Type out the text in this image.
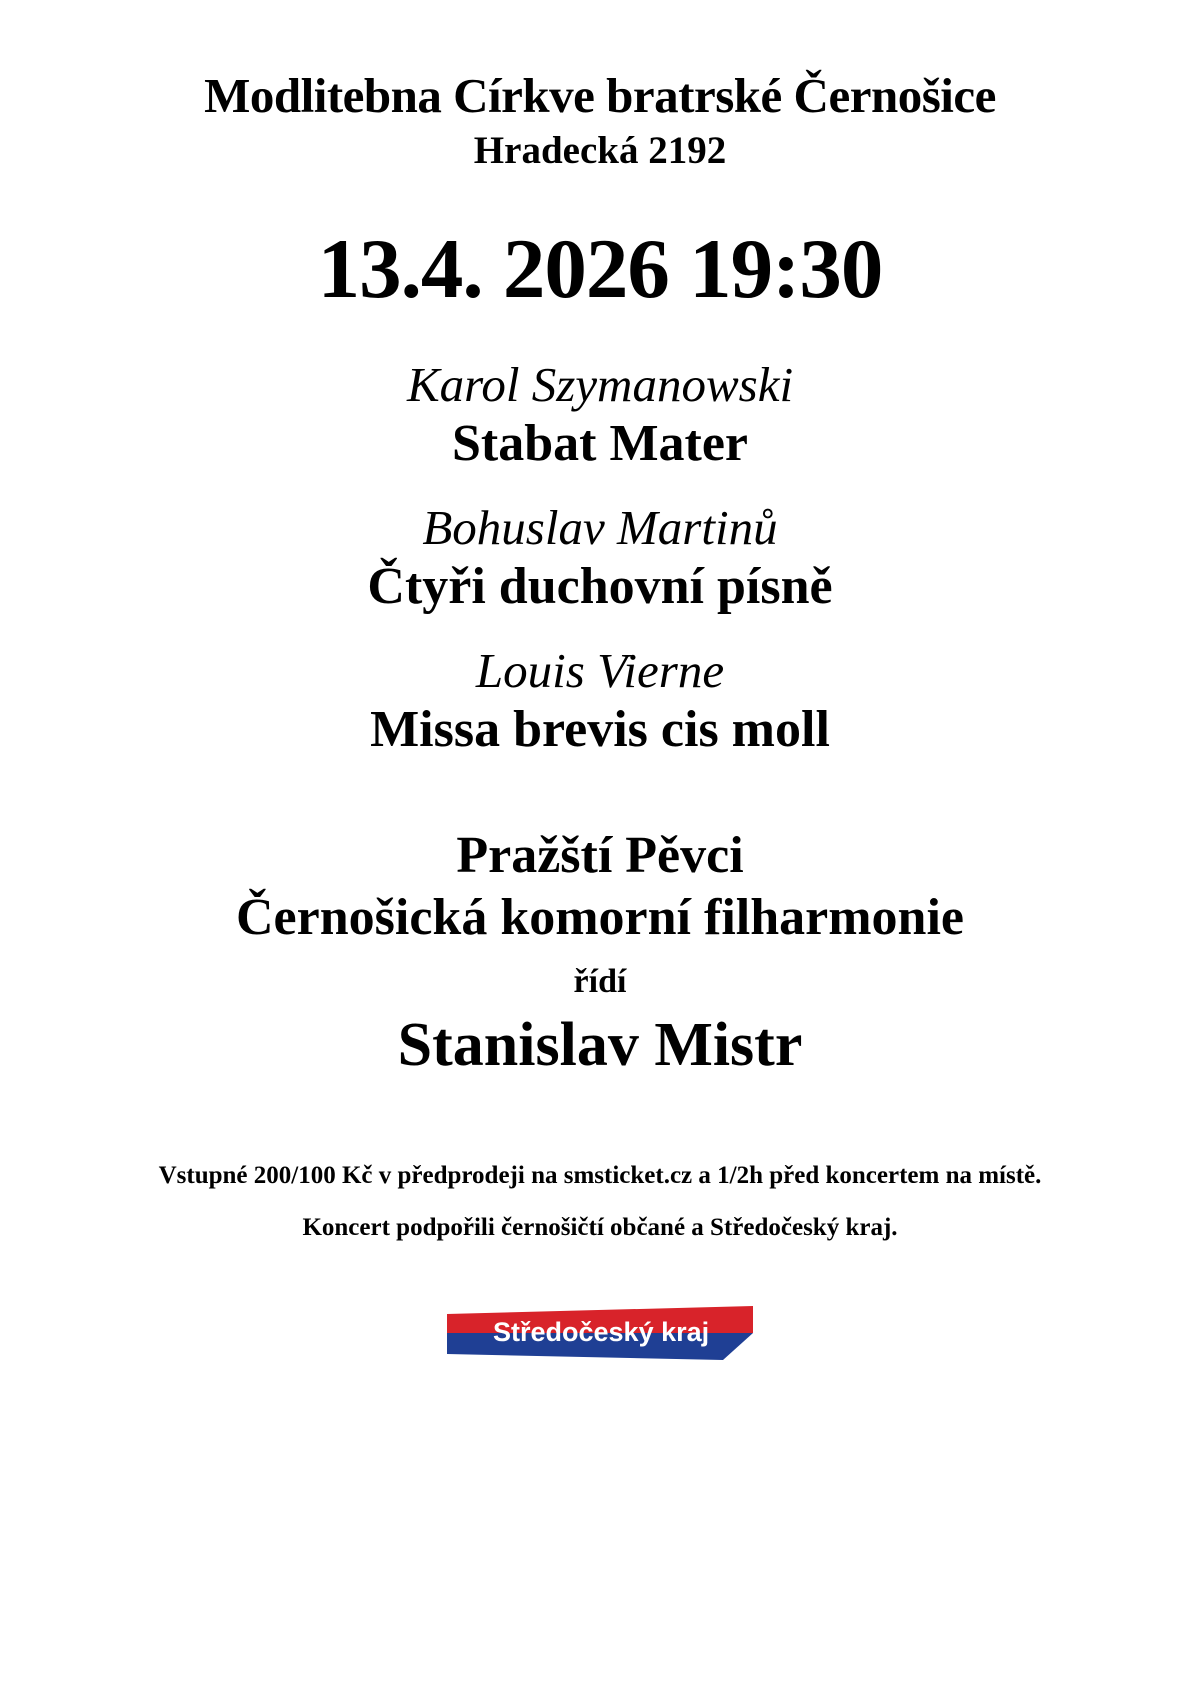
Modlitebna Církve bratrské Černošice
Hradecká 2192
13.4. 2026 19:30
Karol Szymanowski
Stabat Mater
Bohuslav Martinů
Čtyři duchovní písně
Louis Vierne
Missa brevis cis moll
Pražští Pěvci
Černošická komorní filharmonie
řídí
Stanislav Mistr
Vstupné 200/100 Kč v předprodeji na smsticket.cz a 1/2h před koncertem na místě.
Koncert podpořili černošičtí občané a Středočeský kraj.
Středočeský kraj
